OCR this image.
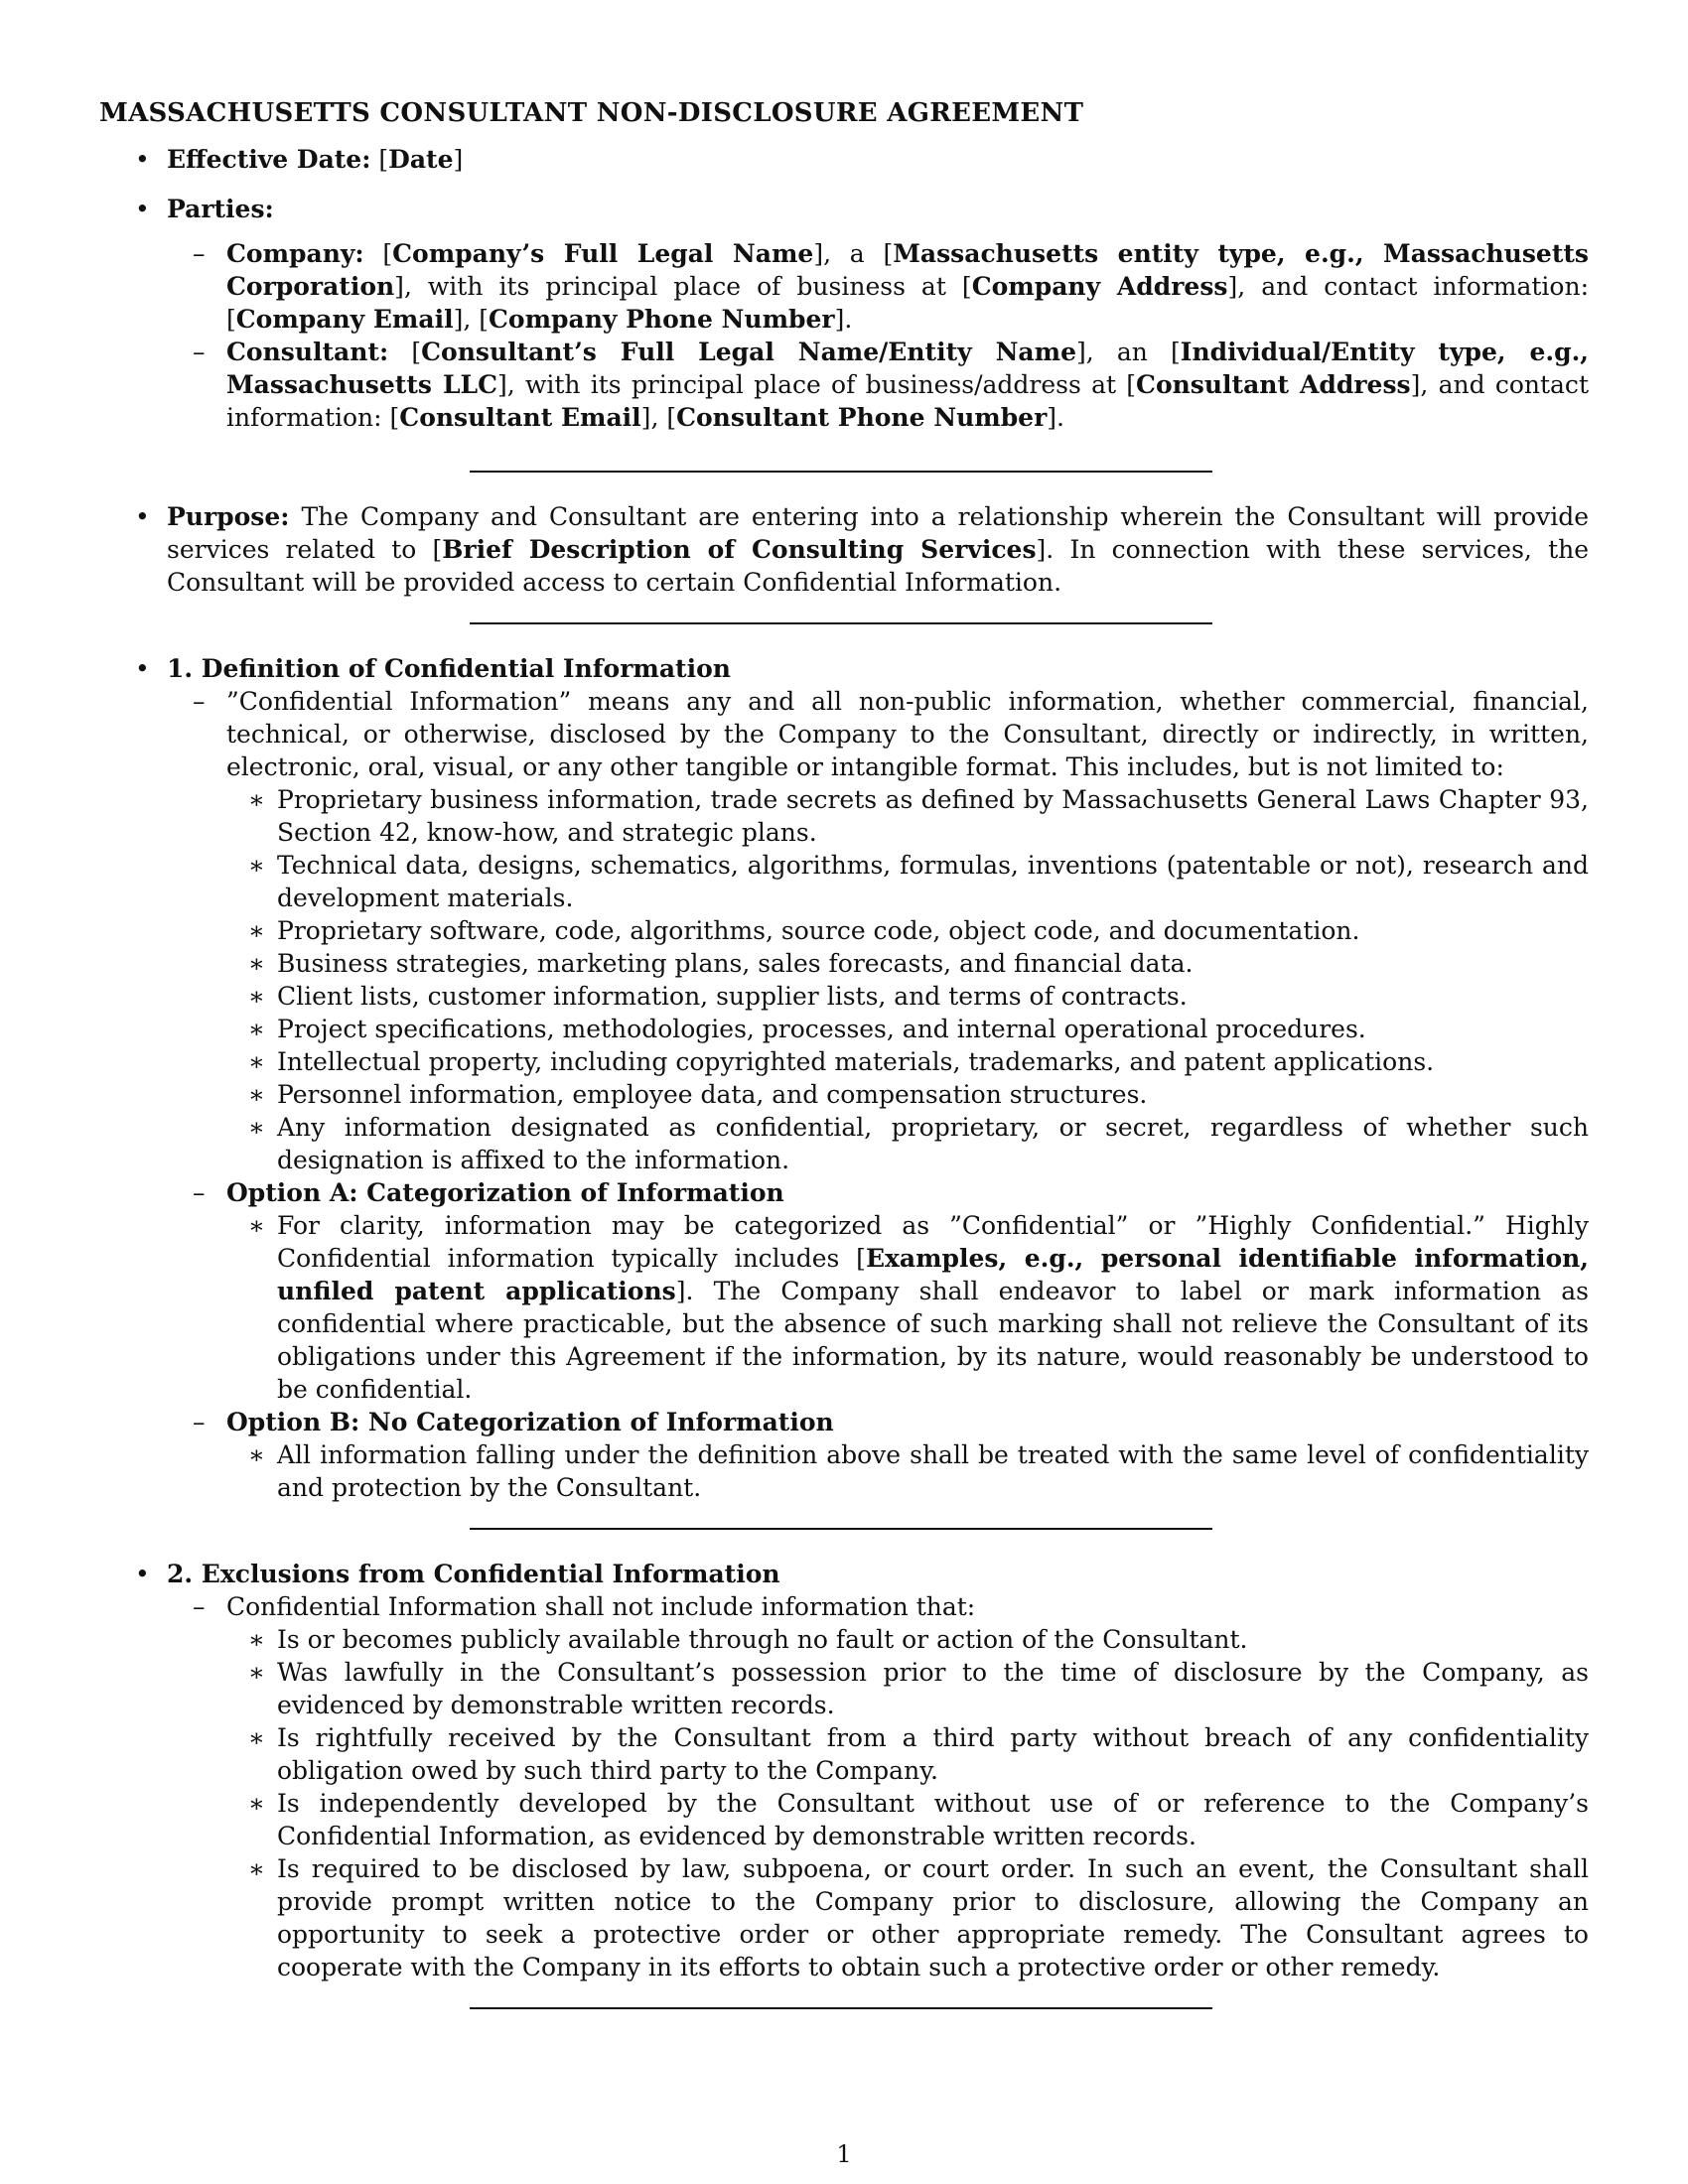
MASSACHUSETTS CONSULTANT NON-DISCLOSURE AGREEMENT
• Effective Date: [Date]
• Parties:
– Company: [Company’s Full Legal Name], a [Massachusetts entity type, e.g., Massachusetts Corporation], with its principal place of business at [Company Address], and contact information: [Company Email], [Company Phone Number].
– Consultant: [Consultant’s Full Legal Name/Entity Name], an [Individual/Entity type, e.g., Massachusetts LLC], with its principal place of business/address at [Consultant Address], and contact information: [Consultant Email], [Consultant Phone Number].
• Purpose: The Company and Consultant are entering into a relationship wherein the Consultant will provide services related to [Brief Description of Consulting Services]. In connection with these services, the Consultant will be provided access to certain Confidential Information.
• 1. Definition of Confidential Information
– ”Confidential Information” means any and all non-public information, whether commercial, financial, technical, or otherwise, disclosed by the Company to the Consultant, directly or indirectly, in written, electronic, oral, visual, or any other tangible or intangible format. This includes, but is not limited to:
∗ Proprietary business information, trade secrets as defined by Massachusetts General Laws Chapter 93, Section 42, know-how, and strategic plans.
∗ Technical data, designs, schematics, algorithms, formulas, inventions (patentable or not), research and development materials.
∗ Proprietary software, code, algorithms, source code, object code, and documentation.
∗ Business strategies, marketing plans, sales forecasts, and financial data.
∗ Client lists, customer information, supplier lists, and terms of contracts.
∗ Project specifications, methodologies, processes, and internal operational procedures.
∗ Intellectual property, including copyrighted materials, trademarks, and patent applications.
∗ Personnel information, employee data, and compensation structures.
∗ Any information designated as confidential, proprietary, or secret, regardless of whether such designation is affixed to the information.
– Option A: Categorization of Information
∗ For clarity, information may be categorized as ”Confidential” or ”Highly Confidential.” Highly Confidential information typically includes [Examples, e.g., personal identifiable information, unfiled patent applications]. The Company shall endeavor to label or mark information as confidential where practicable, but the absence of such marking shall not relieve the Consultant of its obligations under this Agreement if the information, by its nature, would reasonably be understood to be confidential.
– Option B: No Categorization of Information
∗ All information falling under the definition above shall be treated with the same level of confidentiality and protection by the Consultant.
• 2. Exclusions from Confidential Information
– Confidential Information shall not include information that:
∗ Is or becomes publicly available through no fault or action of the Consultant.
∗ Was lawfully in the Consultant’s possession prior to the time of disclosure by the Company, as evidenced by demonstrable written records.
∗ Is rightfully received by the Consultant from a third party without breach of any confidentiality obligation owed by such third party to the Company.
∗ Is independently developed by the Consultant without use of or reference to the Company’s Confidential Information, as evidenced by demonstrable written records.
∗ Is required to be disclosed by law, subpoena, or court order. In such an event, the Consultant shall provide prompt written notice to the Company prior to disclosure, allowing the Company an opportunity to seek a protective order or other appropriate remedy. The Consultant agrees to cooperate with the Company in its efforts to obtain such a protective order or other remedy.
1
